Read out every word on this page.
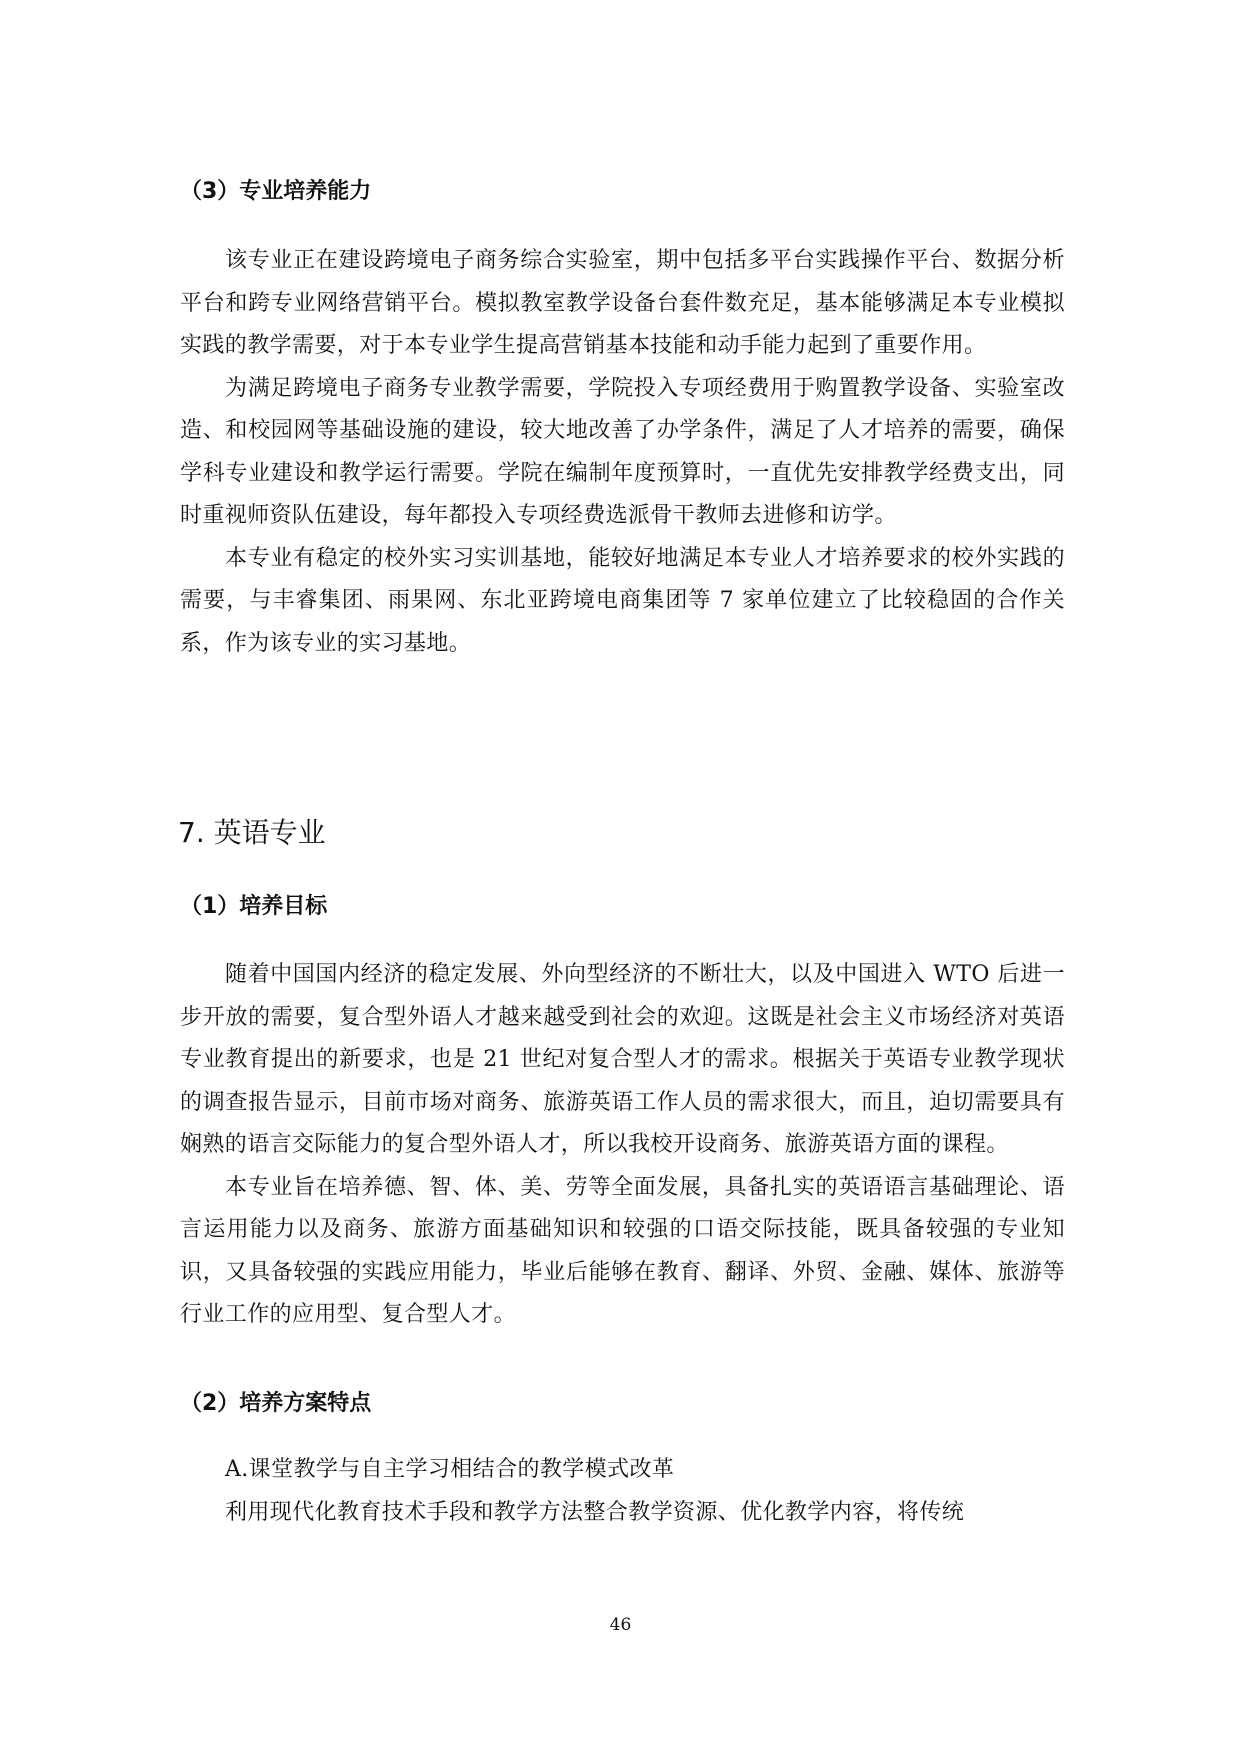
（3）专业培养能力

该专业正在建设跨境电子商务综合实验室，期中包括多平台实践操作平台、数据分析平台和跨专业网络营销平台。模拟教室教学设备台套件数充足，基本能够满足本专业模拟实践的教学需要，对于本专业学生提高营销基本技能和动手能力起到了重要作用。

为满足跨境电子商务专业教学需要，学院投入专项经费用于购置教学设备、实验室改造、和校园网等基础设施的建设，较大地改善了办学条件，满足了人才培养的需要，确保学科专业建设和教学运行需要。学院在编制年度预算时，一直优先安排教学经费支出，同时重视师资队伍建设，每年都投入专项经费选派骨干教师去进修和访学。

本专业有稳定的校外实习实训基地，能较好地满足本专业人才培养要求的校外实践的需要，与丰睿集团、雨果网、东北亚跨境电商集团等 7 家单位建立了比较稳固的合作关系，作为该专业的实习基地。

7. 英语专业
（1）培养目标

随着中国国内经济的稳定发展、外向型经济的不断壮大，以及中国进入 WTO 后进一步开放的需要，复合型外语人才越来越受到社会的欢迎。这既是社会主义市场经济对英语专业教育提出的新要求，也是 21 世纪对复合型人才的需求。根据关于英语专业教学现状的调查报告显示，目前市场对商务、旅游英语工作人员的需求很大，而且，迫切需要具有娴熟的语言交际能力的复合型外语人才，所以我校开设商务、旅游英语方面的课程。

本专业旨在培养德、智、体、美、劳等全面发展，具备扎实的英语语言基础理论、语言运用能力以及商务、旅游方面基础知识和较强的口语交际技能，既具备较强的专业知识，又具备较强的实践应用能力，毕业后能够在教育、翻译、外贸、金融、媒体、旅游等行业工作的应用型、复合型人才。

（2）培养方案特点

A.课堂教学与自主学习相结合的教学模式改革

利用现代化教育技术手段和教学方法整合教学资源、优化教学内容，将传统

46
